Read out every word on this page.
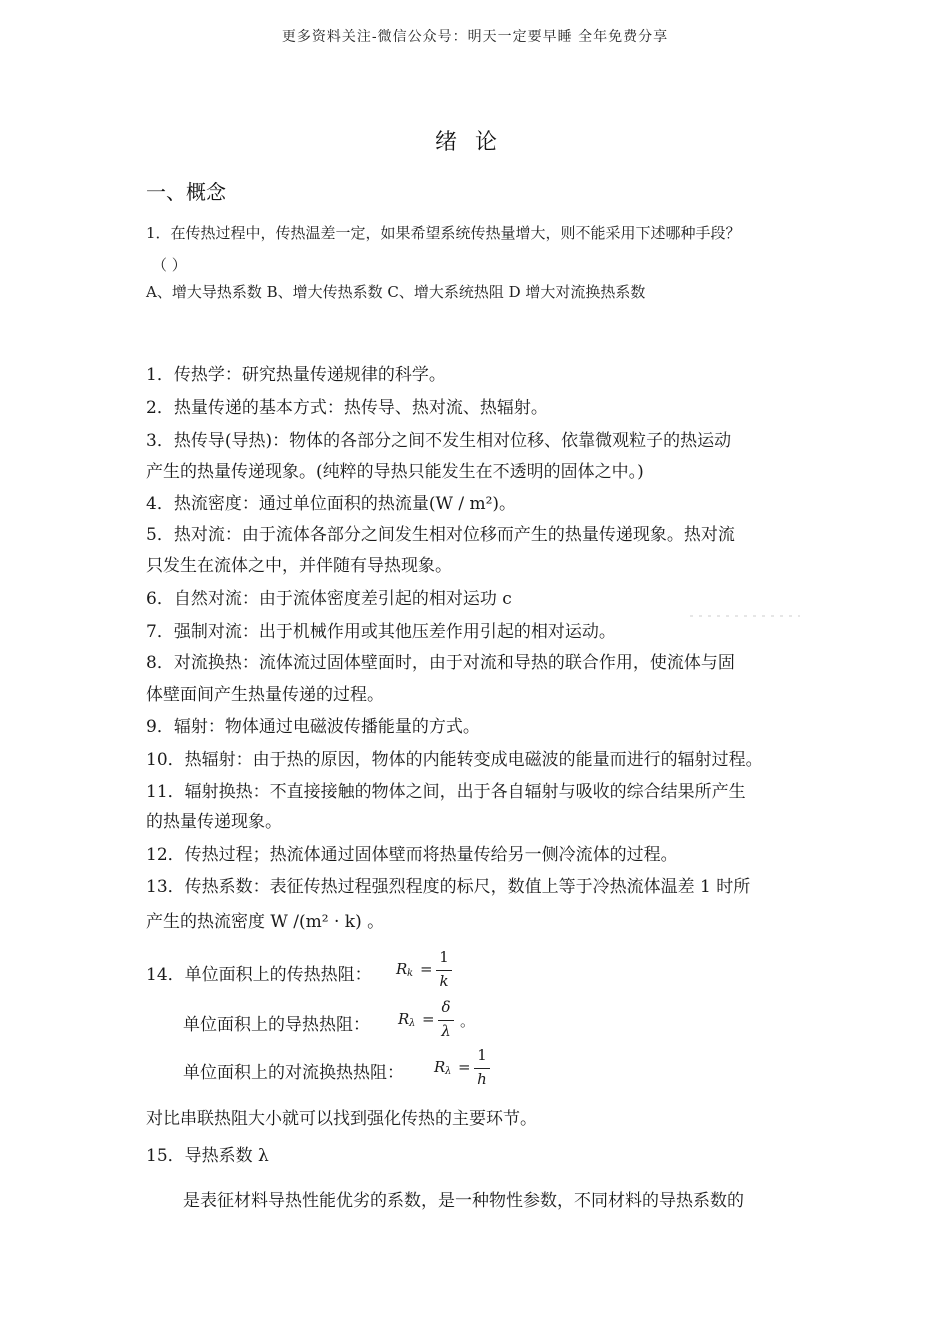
更多资料关注-微信公众号：明天一定要早睡 全年免费分享
绪论
一、概念
1．在传热过程中，传热温差一定，如果希望系统传热量增大，则不能采用下述哪种手段？
（ ）
A、增大导热系数 B、增大传热系数 C、增大系统热阻 D 增大对流换热系数
1．传热学：研究热量传递规律的科学。
2．热量传递的基本方式：热传导、热对流、热辐射。
3．热传导(导热)：物体的各部分之间不发生相对位移、依靠微观粒子的热运动
产生的热量传递现象。(纯粹的导热只能发生在不透明的固体之中。)
4．热流密度：通过单位面积的热流量(W / m²)。
5．热对流：由于流体各部分之间发生相对位移而产生的热量传递现象。热对流
只发生在流体之中，并伴随有导热现象。
6．自然对流：由于流体密度差引起的相对运功 c
7．强制对流：出于机械作用或其他压差作用引起的相对运动。
8．对流换热：流体流过固体壁面时，由于对流和导热的联合作用，使流体与固
体壁面间产生热量传递的过程。
9．辐射：物体通过电磁波传播能量的方式。
10．热辐射：由于热的原因，物体的内能转变成电磁波的能量而进行的辐射过程。
11．辐射换热：不直接接触的物体之间，出于各自辐射与吸收的综合结果所产生
的热量传递现象。
12．传热过程；热流体通过固体壁而将热量传给另一侧冷流体的过程。
13．传热系数：表征传热过程强烈程度的标尺，数值上等于冷热流体温差 1 时所
产生的热流密度 W /(m² · k) 。
14．单位面积上的传热热阻： R k =
1
k
单位面积上的导热热阻： R λ =
δ
λ
。
单位面积上的对流换热热阻： R λ =
1
h
对比串联热阻大小就可以找到强化传热的主要环节。
15．导热系数 λ
是表征材料导热性能优劣的系数，是一种物性参数，不同材料的导热系数的
